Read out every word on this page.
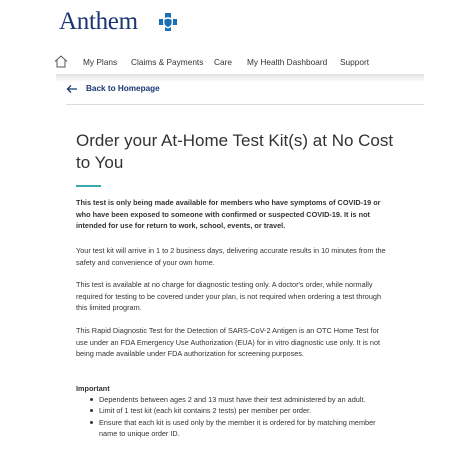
Anthem
My Plans Claims & Payments Care My Health Dashboard Support
Back to Homepage
Order your At-Home Test Kit(s) at No Cost to You

This test is only being made available for members who have symptoms of COVID-19 or who have been exposed to someone with confirmed or suspected COVID-19. It is not intended for use for return to work, school, events, or travel.

Your test kit will arrive in 1 to 2 business days, delivering accurate results in 10 minutes from the safety and convenience of your own home.

This test is available at no charge for diagnostic testing only. A doctor's order, while normally required for testing to be covered under your plan, is not required when ordering a test through this limited program.

This Rapid Diagnostic Test for the Detection of SARS-CoV-2 Antigen is an OTC Home Test for use under an FDA Emergency Use Authorization (EUA) for in vitro diagnostic use only. It is not being made available under FDA authorization for screening purposes.

Important
Dependents between ages 2 and 13 must have their test administered by an adult.
Limit of 1 test kit (each kit contains 2 tests) per member per order.
Ensure that each kit is used only by the member it is ordered for by matching member name to unique order ID.
